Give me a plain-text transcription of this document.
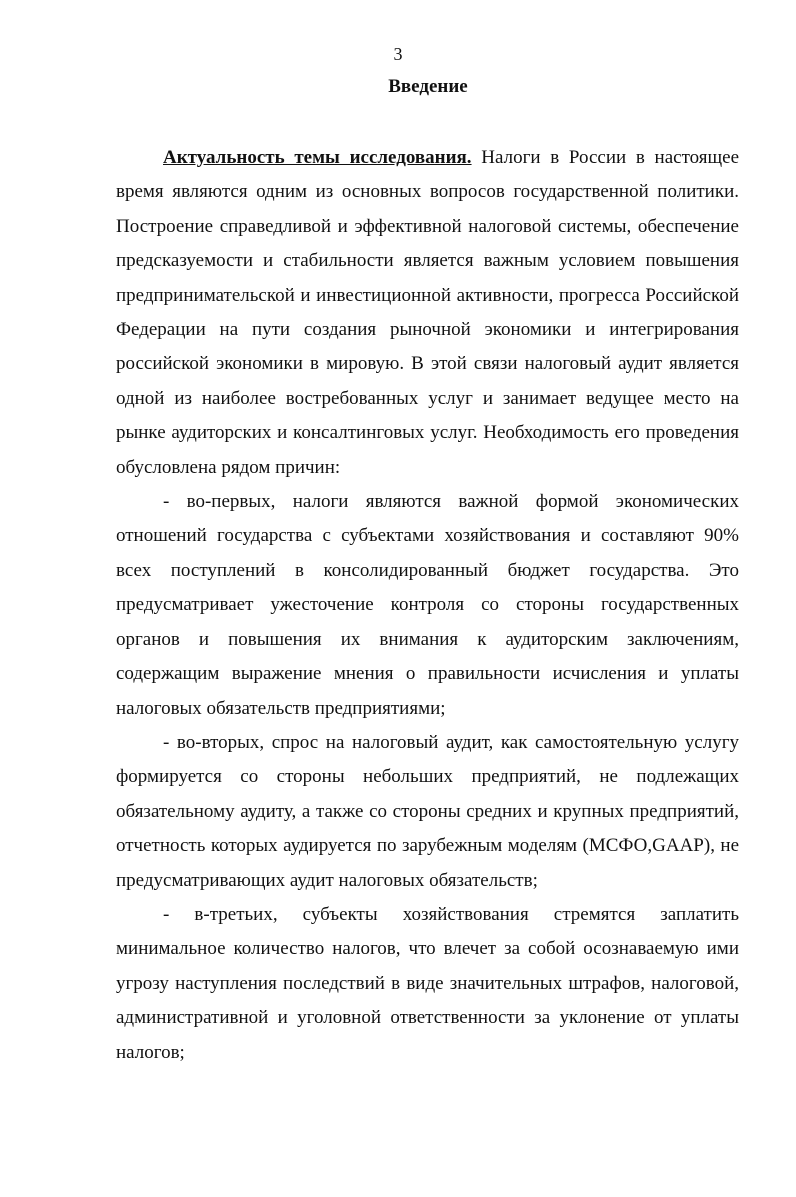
3
Введение

Актуальность темы исследования. Налоги в России в настоящее время являются одним из основных вопросов государственной политики. Построение справедливой и эффективной налоговой системы, обеспечение предсказуемости и стабильности является важным условием повышения предпринимательской и инвестиционной активности, прогресса Российской Федерации на пути создания рыночной экономики и интегрирования российской экономики в мировую. В этой связи налоговый аудит является одной из наиболее востребованных услуг и занимает ведущее место на рынке аудиторских и консалтинговых услуг. Необходимость его проведения обусловлена рядом причин:

- во-первых, налоги являются важной формой экономических отношений государства с субъектами хозяйствования и составляют 90% всех поступлений в консолидированный бюджет государства. Это

предусматривает ужесточение контроля со стороны государственных органов и повышения их внимания к аудиторским заключениям, содержащим выражение мнения о правильности исчисления и уплаты налоговых обязательств предприятиями;

- во-вторых, спрос на налоговый аудит, как самостоятельную услугу формируется со стороны небольших предприятий, не подлежащих обязательному аудиту, а также со стороны средних и крупных предприятий, отчетность которых аудируется по зарубежным моделям (МСФО,GAAP), не предусматривающих аудит налоговых обязательств;

- в-третьих, субъекты хозяйствования стремятся заплатить минимальное количество налогов, что влечет за собой осознаваемую ими угрозу наступления последствий в виде значительных штрафов, налоговой, административной и уголовной ответственности за уклонение от уплаты налогов;
